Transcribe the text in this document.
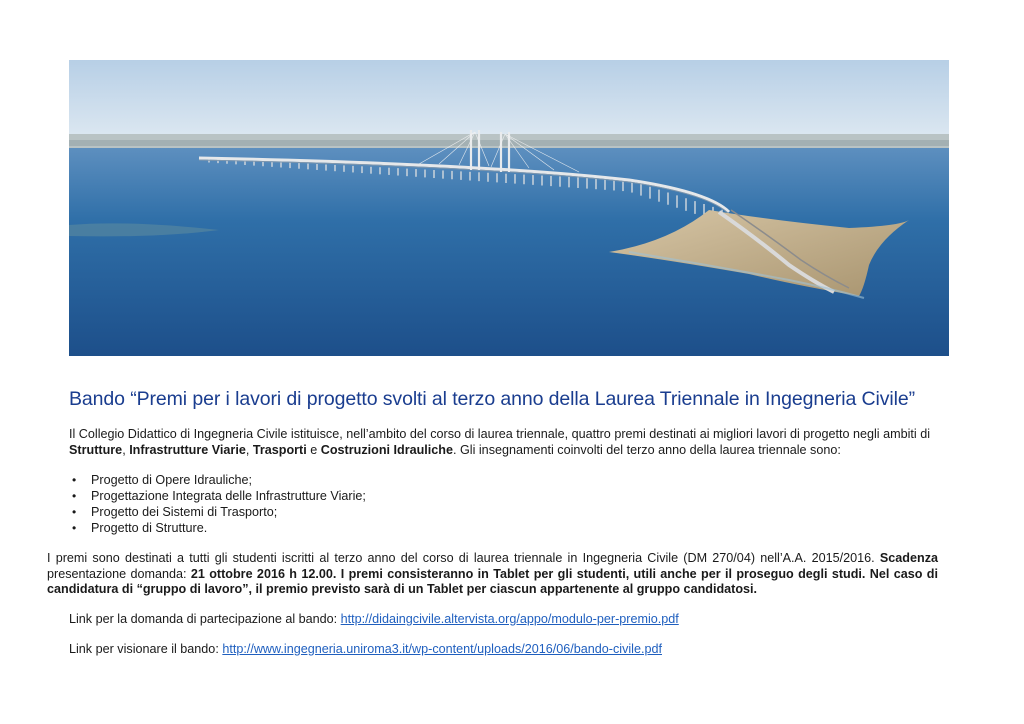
Bando “Premi per i lavori di progetto svolti al terzo anno della Laurea Triennale in Ingegneria Civile”

Il Collegio Didattico di Ingegneria Civile istituisce, nell’ambito del corso di laurea triennale, quattro premi destinati ai migliori lavori di progetto negli ambiti di Strutture, Infrastrutture Viarie, Trasporti e Costruzioni Idrauliche. Gli insegnamenti coinvolti del terzo anno della laurea triennale sono:

• Progetto di Opere Idrauliche;
• Progettazione Integrata delle Infrastrutture Viarie;
• Progetto dei Sistemi di Trasporto;
• Progetto di Strutture.

I premi sono destinati a tutti gli studenti iscritti al terzo anno del corso di laurea triennale in Ingegneria Civile (DM 270/04) nell’A.A. 2015/2016. Scadenza presentazione domanda: 21 ottobre 2016 h 12.00. I premi consisteranno in Tablet per gli studenti, utili anche per il proseguo degli studi. Nel caso di candidatura di “gruppo di lavoro”, il premio previsto sarà di un Tablet per ciascun appartenente al gruppo candidatosi.

Link per la domanda di partecipazione al bando: http://didaingcivile.altervista.org/appo/modulo-per-premio.pdf

Link per visionare il bando: http://www.ingegneria.uniroma3.it/wp-content/uploads/2016/06/bando-civile.pdf
